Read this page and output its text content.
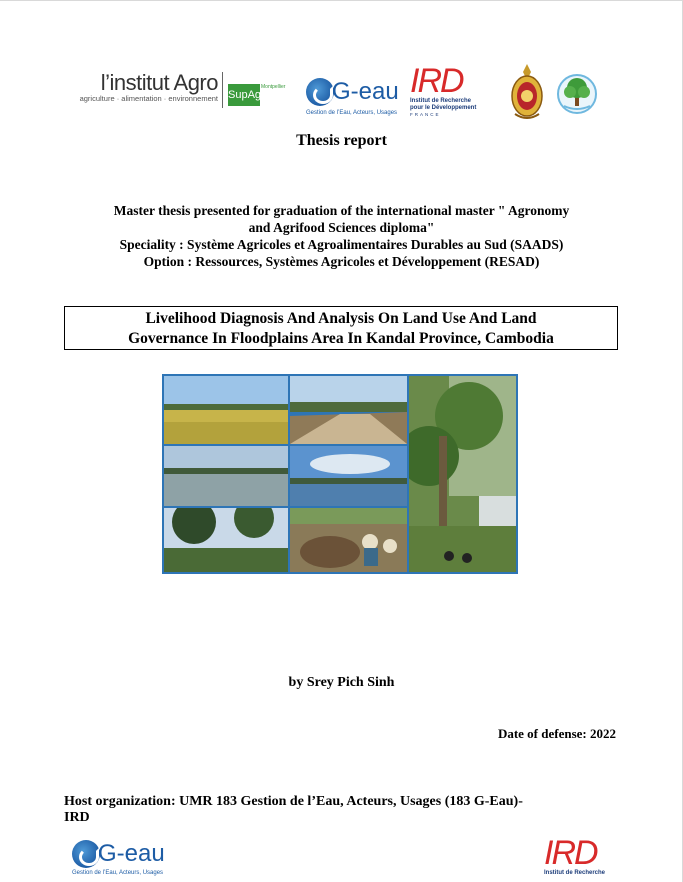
l’institut Agro
agriculture · alimentation · environnement SupAgro
Montpellier G-eau
Gestion de l’Eau, Acteurs, Usages
IRD
Institut de Recherche
pour le Développement
FRANCE
Thesis report
Master thesis presented for graduation of the international master " Agronomy
and Agrifood Sciences diploma"
Speciality : Système Agricoles et Agroalimentaires Durables au Sud (SAADS)
Option : Ressources, Systèmes Agricoles et Développement (RESAD)
Livelihood Diagnosis And Analysis On Land Use And Land
Governance In Floodplains Area In Kandal Province, Cambodia
by Srey Pich Sinh
Date of defense: 2022
Host organization: UMR 183 Gestion de l’Eau, Acteurs, Usages (183 G-Eau)-
IRD
G-eau
Gestion de l’Eau, Acteurs, Usages
IRD
Institut de Recherche
